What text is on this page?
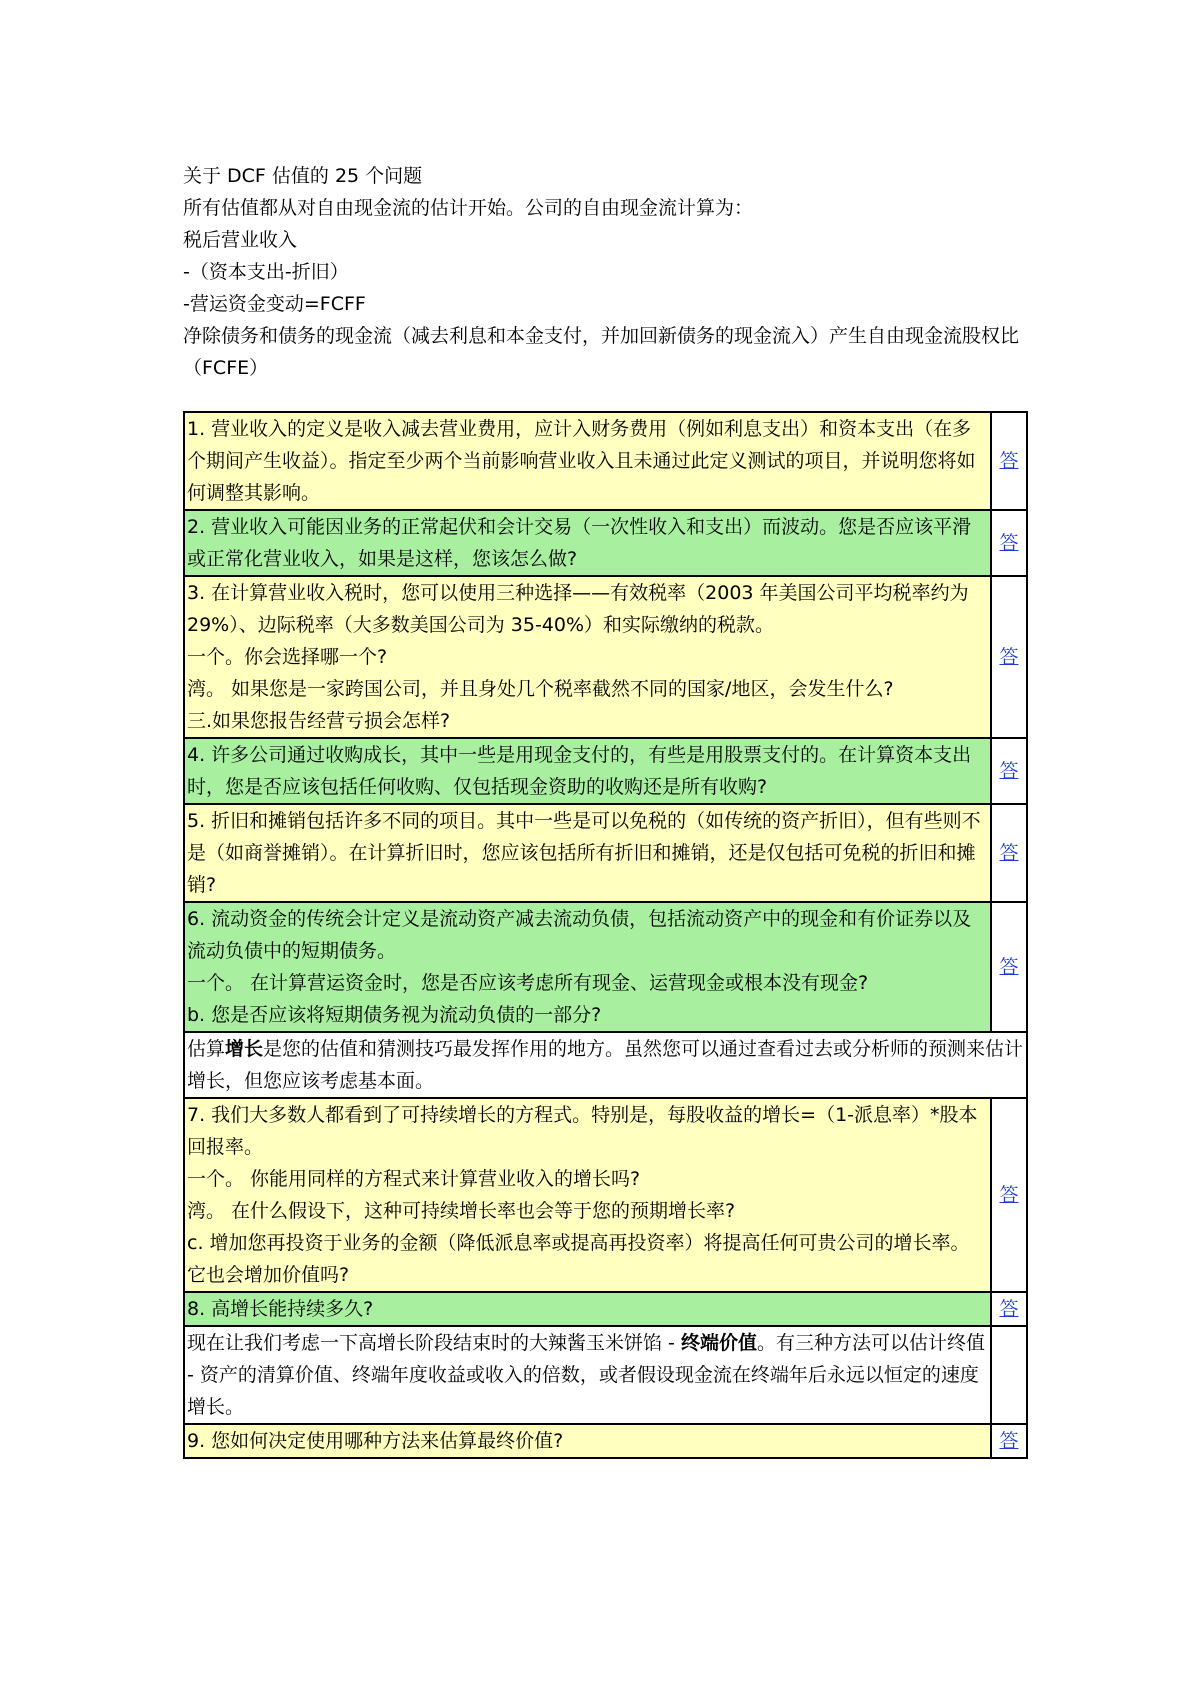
关于 DCF 估值的 25 个问题

所有估值都从对自由现金流的估计开始。公司的自由现金流计算为：

税后营业收入

-（资本支出-折旧）

-营运资金变动=FCFF

净除债务和债务的现金流（减去利息和本金支付，并加回新债务的现金流入）产生自由现金流股权比 （FCFE）

1. 营业收入的定义是收入减去营业费用，应计入财务费用（例如利息支出）和资本支出（在多个期间产生收益）。指定至少两个当前影响营业收入且未通过此定义测试的项目，并说明您将如何调整其影响。	答

2. 营业收入可能因业务的正常起伏和会计交易（一次性收入和支出）而波动。您是否应该平滑或正常化营业收入，如果是这样，您该怎么做?	答

3. 在计算营业收入税时，您可以使用三种选择——有效税率（2003 年美国公司平均税率约为 29%）、边际税率（大多数美国公司为 35-40%）和实际缴纳的税款。
一个。你会选择哪一个?
湾。 如果您是一家跨国公司，并且身处几个税率截然不同的国家/地区，会发生什么?
三.如果您报告经营亏损会怎样?	答

4. 许多公司通过收购成长，其中一些是用现金支付的，有些是用股票支付的。在计算资本支出时，您是否应该包括任何收购、仅包括现金资助的收购还是所有收购?	答

5. 折旧和摊销包括许多不同的项目。其中一些是可以免税的（如传统的资产折旧），但有些则不是（如商誉摊销）。在计算折旧时，您应该包括所有折旧和摊销，还是仅包括可免税的折旧和摊销?	答

6. 流动资金的传统会计定义是流动资产减去流动负债，包括流动资产中的现金和有价证券以及流动负债中的短期债务。
一个。 在计算营运资金时，您是否应该考虑所有现金、运营现金或根本没有现金?
b. 您是否应该将短期债务视为流动负债的一部分?	答
估算增长是您的估值和猜测技巧最发挥作用的地方。虽然您可以通过查看过去或分析师的预测来估计增长，但您应该考虑基本面。	

7. 我们大多数人都看到了可持续增长的方程式。特别是，每股收益的增长=（1-派息率）*股本回报率。
一个。 你能用同样的方程式来计算营业收入的增长吗?
湾。 在什么假设下，这种可持续增长率也会等于您的预期增长率?
c. 增加您再投资于业务的金额（降低派息率或提高再投资率）将提高任何可贵公司的增长率。它也会增加价值吗?	答

8. 高增长能持续多久?	答
现在让我们考虑一下高增长阶段结束时的大辣酱玉米饼馅 - 终端价值。有三种方法可以估计终值 - 资产的清算价值、终端年度收益或收入的倍数，或者假设现金流在终端年后永远以恒定的速度增长。	

9. 您如何决定使用哪种方法来估算最终价值?	答
